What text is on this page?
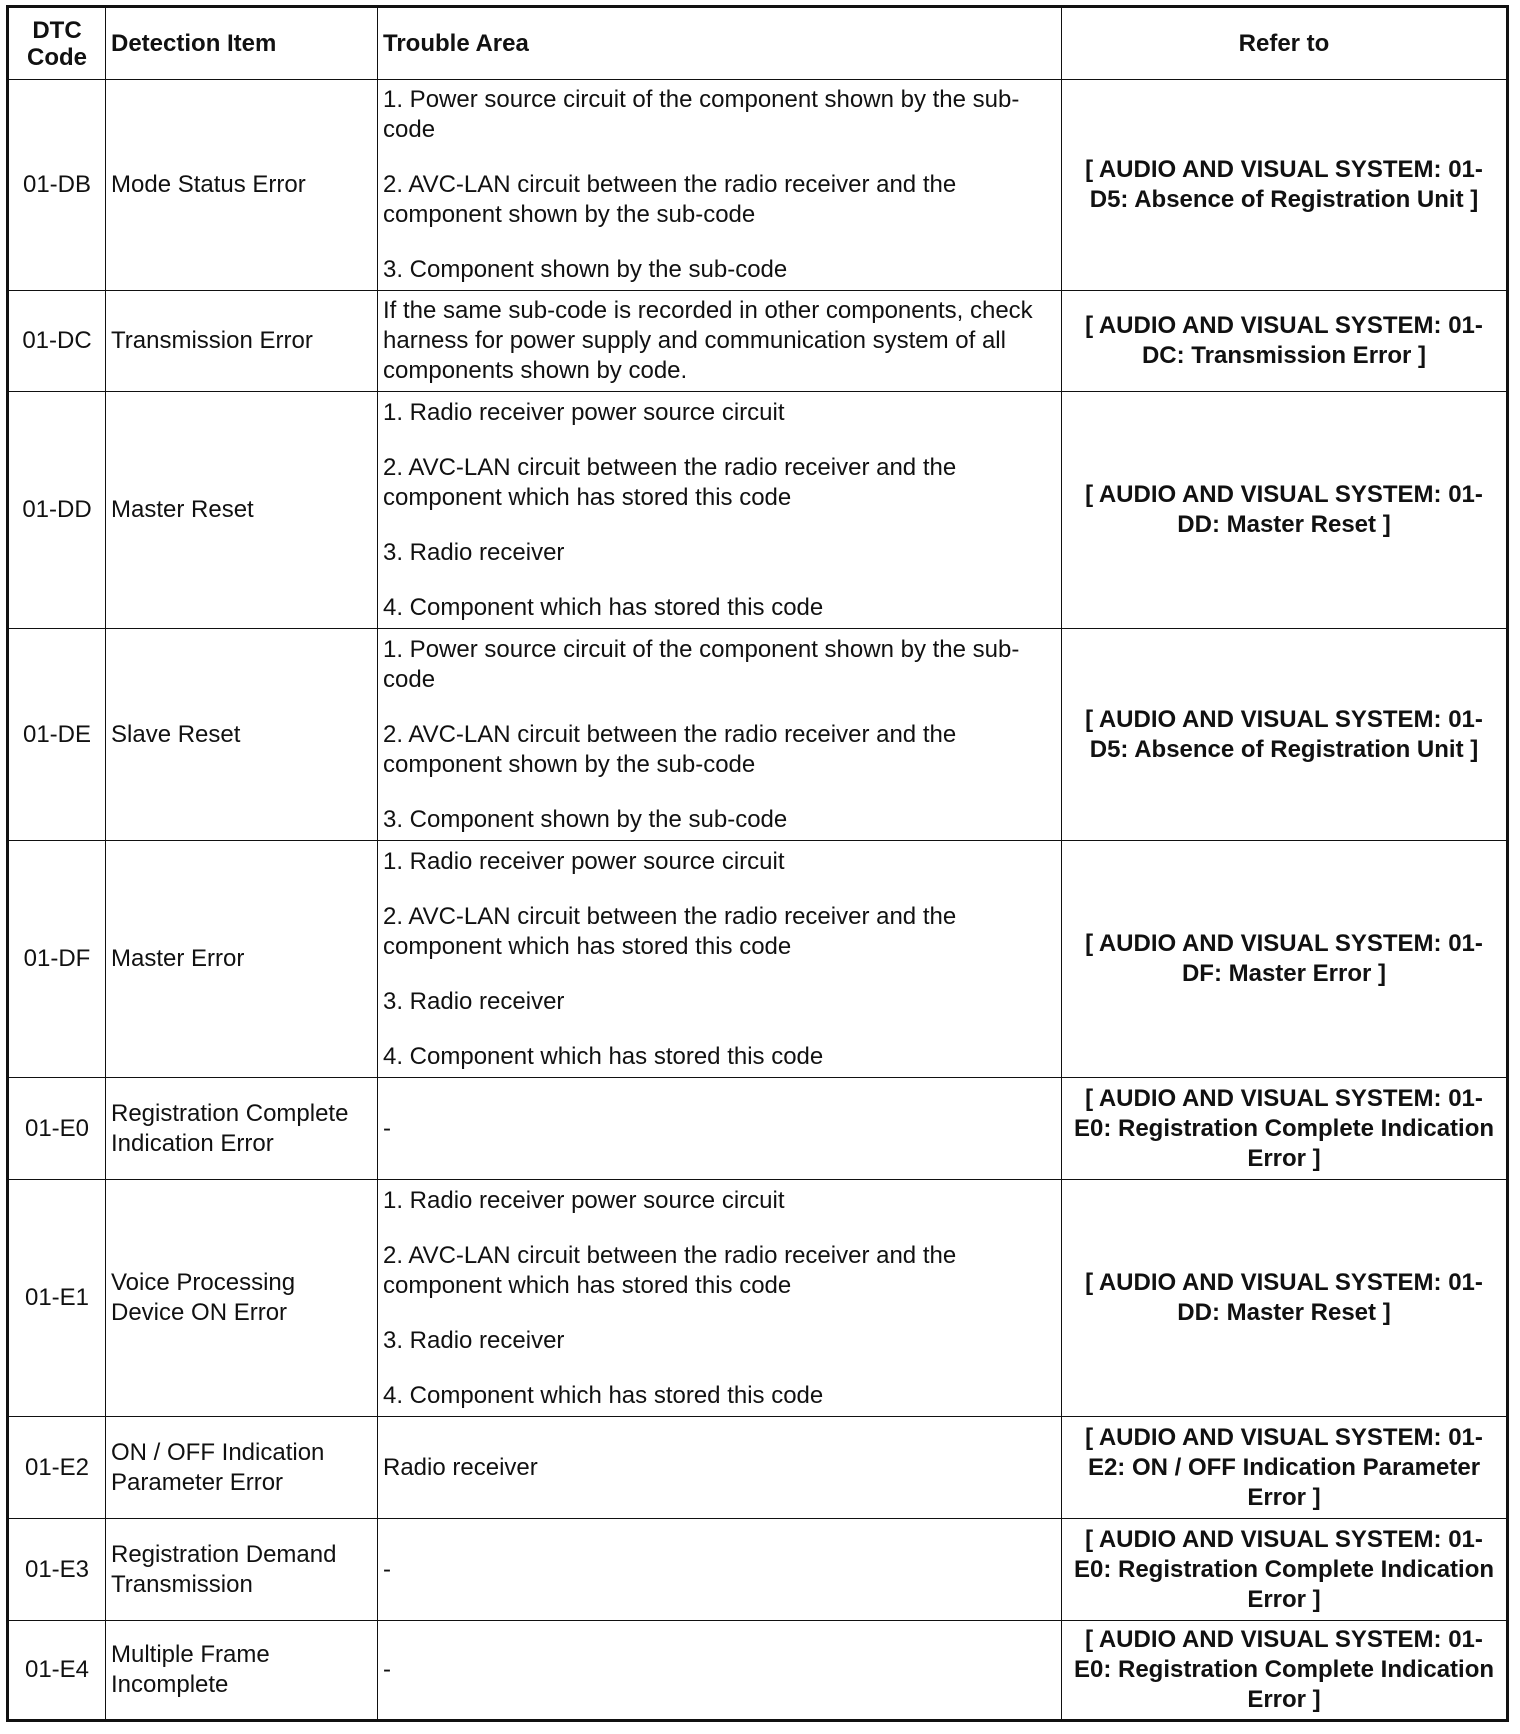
DTC Code	Detection Item	Trouble Area	Refer to
01-DB	Mode Status Error	1. Power source circuit of the component shown by the sub-code

2. AVC-LAN circuit between the radio receiver and the component shown by the sub-code

3. Component shown by the sub-code	[ AUDIO AND VISUAL SYSTEM: 01-D5: Absence of Registration Unit ]
01-DC	Transmission Error	If the same sub-code is recorded in other components, check harness for power supply and communication system of all components shown by code.	[ AUDIO AND VISUAL SYSTEM: 01-DC: Transmission Error ]
01-DD	Master Reset	1. Radio receiver power source circuit

2. AVC-LAN circuit between the radio receiver and the component which has stored this code

3. Radio receiver

4. Component which has stored this code	[ AUDIO AND VISUAL SYSTEM: 01-DD: Master Reset ]
01-DE	Slave Reset	1. Power source circuit of the component shown by the sub-code

2. AVC-LAN circuit between the radio receiver and the component shown by the sub-code

3. Component shown by the sub-code	[ AUDIO AND VISUAL SYSTEM: 01-D5: Absence of Registration Unit ]
01-DF	Master Error	1. Radio receiver power source circuit

2. AVC-LAN circuit between the radio receiver and the component which has stored this code

3. Radio receiver

4. Component which has stored this code	[ AUDIO AND VISUAL SYSTEM: 01-DF: Master Error ]
01-E0	Registration Complete Indication Error	-	[ AUDIO AND VISUAL SYSTEM: 01-E0: Registration Complete Indication Error ]
01-E1	Voice Processing Device ON Error	1. Radio receiver power source circuit

2. AVC-LAN circuit between the radio receiver and the component which has stored this code

3. Radio receiver

4. Component which has stored this code	[ AUDIO AND VISUAL SYSTEM: 01-DD: Master Reset ]
01-E2	ON / OFF Indication Parameter Error	Radio receiver	[ AUDIO AND VISUAL SYSTEM: 01-E2: ON / OFF Indication Parameter Error ]
01-E3	Registration Demand Transmission	-	[ AUDIO AND VISUAL SYSTEM: 01-E0: Registration Complete Indication Error ]
01-E4	Multiple Frame Incomplete	-	[ AUDIO AND VISUAL SYSTEM: 01-E0: Registration Complete Indication Error ]
